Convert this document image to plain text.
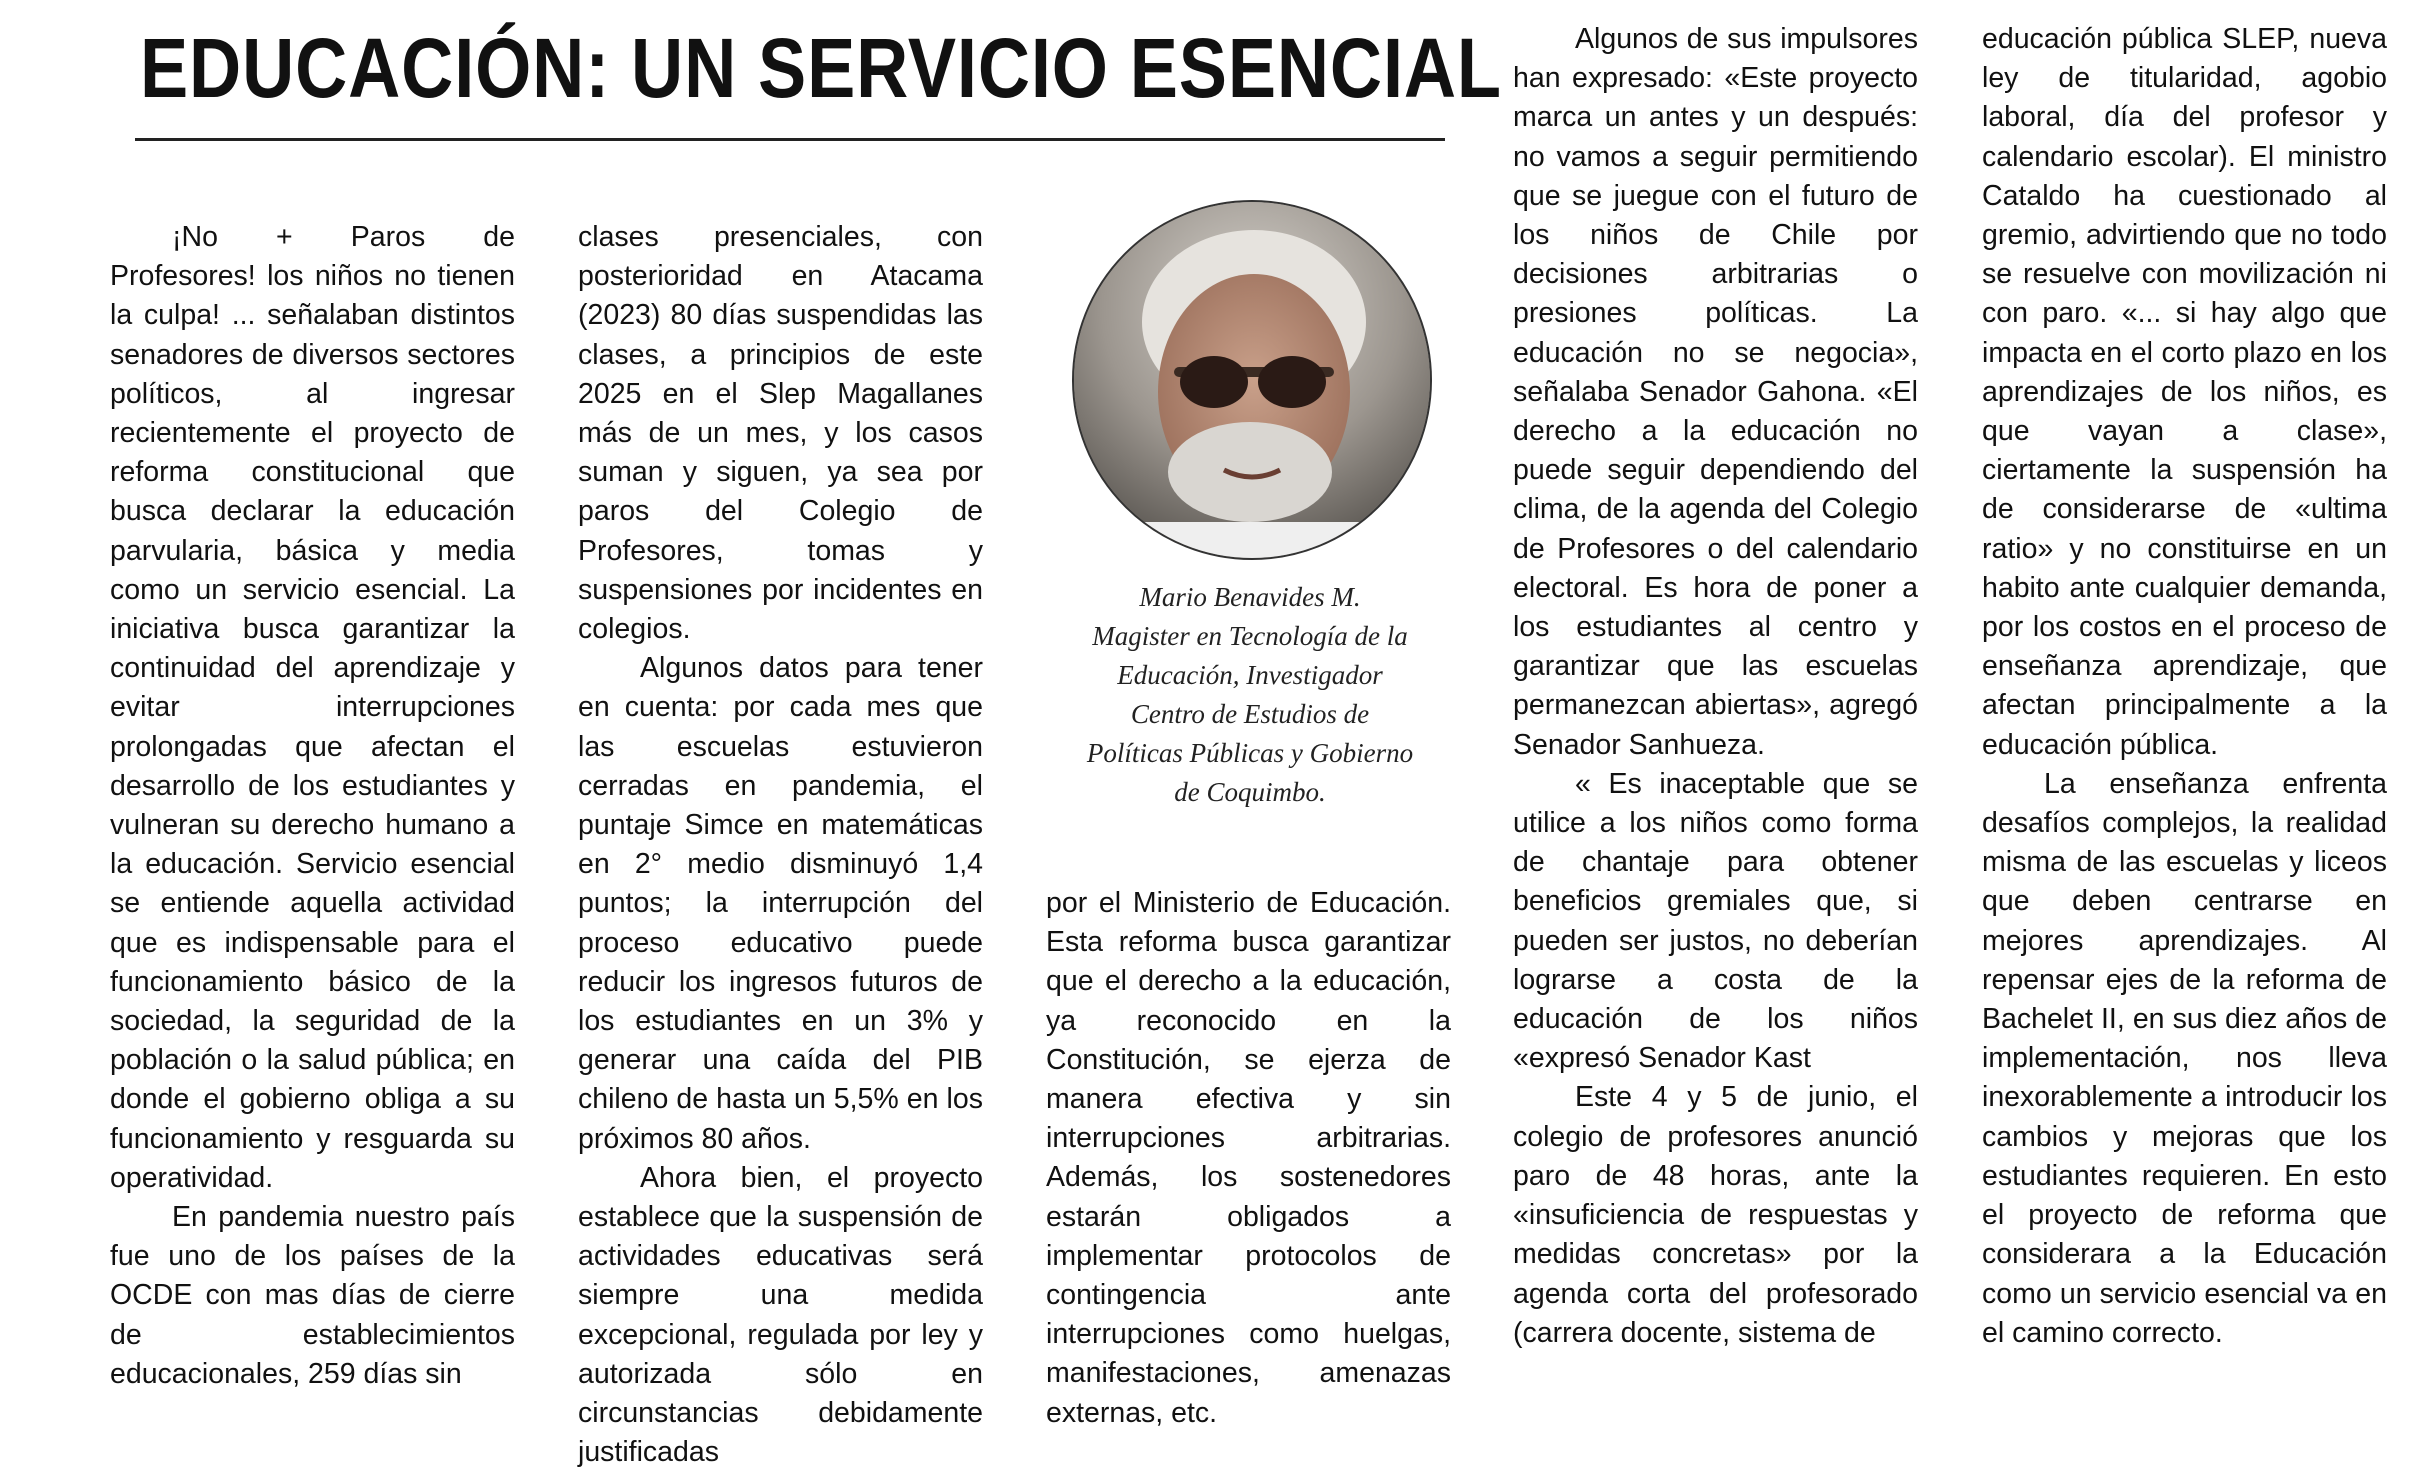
EDUCACIÓN: UN SERVICIO ESENCIAL

¡No + Paros de Profesores! los niños no tienen la culpa! ... señalaban distintos senadores de diversos sectores políticos, al ingresar recientemente el proyecto de reforma constitucional que busca declarar la educación parvularia, básica y media como un servicio esencial. La iniciativa busca garantizar la continuidad del aprendizaje y evitar interrupciones prolongadas que afectan el desarrollo de los estudiantes y vulneran su derecho humano a la educación. Servicio esencial se entiende aquella actividad que es indispensable para el funcionamiento básico de la sociedad, la seguridad de la población o la salud pública; en donde el gobierno obliga a su funcionamiento y resguarda su operatividad.

En pandemia nuestro país fue uno de los países de la OCDE con mas días de cierre de establecimientos educacionales, 259 días sin

clases presenciales, con posterioridad en Atacama (2023) 80 días suspendidas las clases, a principios de este 2025 en el Slep Magallanes más de un mes, y los casos suman y siguen, ya sea por paros del Colegio de Profesores, tomas y suspensiones por incidentes en colegios.

Algunos datos para tener en cuenta: por cada mes que las escuelas estuvieron cerradas en pandemia, el puntaje Simce en matemáticas en 2° medio disminuyó 1,4 puntos; la interrupción del proceso educativo puede reducir los ingresos futuros de los estudiantes en un 3% y generar una caída del PIB chileno de hasta un 5,5% en los próximos 80 años.

Ahora bien, el proyecto establece que la suspensión de actividades educativas será siempre una medida excepcional, regulada por ley y autorizada sólo en circunstancias debidamente justificadas

Mario Benavides M.
Magister en Tecnología de la
Educación, Investigador
Centro de Estudios de
Políticas Públicas y Gobierno
de Coquimbo.

por el Ministerio de Educación. Esta reforma busca garantizar que el derecho a la educación, ya reconocido en la Constitución, se ejerza de manera efectiva y sin interrupciones arbitrarias. Además, los sostenedores estarán obligados a implementar protocolos de contingencia ante interrupciones como huelgas, manifestaciones, amenazas externas, etc.

Algunos de sus impulsores han expresado: «Este proyecto marca un antes y un después: no vamos a seguir permitiendo que se juegue con el futuro de los niños de Chile por decisiones arbitrarias o presiones políticas. La educación no se negocia», señalaba Senador Gahona. «El derecho a la educación no puede seguir dependiendo del clima, de la agenda del Colegio de Profesores o del calendario electoral. Es hora de poner a los estudiantes al centro y garantizar que las escuelas permanezcan abiertas», agregó Senador Sanhueza.

« Es inaceptable que se utilice a los niños como forma de chantaje para obtener beneficios gremiales que, si pueden ser justos, no deberían lograrse a costa de la educación de los niños «expresó Senador Kast

Este 4 y 5 de junio, el colegio de profesores anunció paro de 48 horas, ante la «insuficiencia de respuestas y medidas concretas» por la agenda corta del profesorado (carrera docente, sistema de

educación pública SLEP, nueva ley de titularidad, agobio laboral, día del profesor y calendario escolar). El ministro Cataldo ha cuestionado al gremio, advirtiendo que no todo se resuelve con movilización ni con paro. «... si hay algo que impacta en el corto plazo en los aprendizajes de los niños, es que vayan a clase», ciertamente la suspensión ha de considerarse de «ultima ratio» y no constituirse en un habito ante cualquier demanda, por los costos en el proceso de enseñanza aprendizaje, que afectan principalmente a la educación pública.

La enseñanza enfrenta desafíos complejos, la realidad misma de las escuelas y liceos que deben centrarse en mejores aprendizajes. Al repensar ejes de la reforma de Bachelet II, en sus diez años de implementación, nos lleva inexorablemente a introducir los cambios y mejoras que los estudiantes requieren. En esto el proyecto de reforma que considerara a la Educación como un servicio esencial va en el camino correcto.
